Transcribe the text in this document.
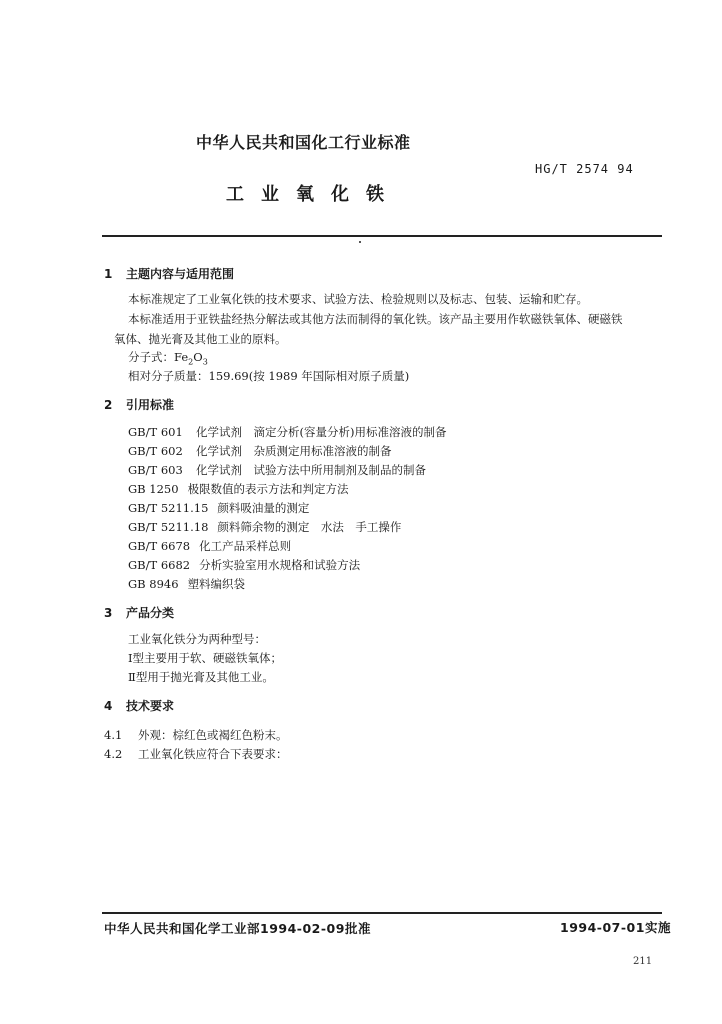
中华人民共和国化工行业标准
HG/T 2574 94
工业氧化铁
1 主题内容与适用范围
本标准规定了工业氧化铁的技术要求、试验方法、检验规则以及标志、包装、运输和贮存。
本标准适用于亚铁盐经热分解法或其他方法而制得的氧化铁。该产品主要用作软磁铁氧体、硬磁铁
氧体、抛光膏及其他工业的原料。
分子式：$Fe_2O_3$
相对分子质量：159.69(按 1989 年国际相对原子质量)
2 引用标准
GB/T 601 化学试剂　滴定分析(容量分析)用标准溶液的制备
GB/T 602 化学试剂　杂质测定用标准溶液的制备
GB/T 603 化学试剂　试验方法中所用制剂及制品的制备
GB 1250 极限数值的表示方法和判定方法
GB/T 5211.15 颜料吸油量的测定
GB/T 5211.18 颜料筛余物的测定　水法　手工操作
GB/T 6678 化工产品采样总则
GB/T 6682 分析实验室用水规格和试验方法
GB 8946 塑料编织袋
3 产品分类
工业氧化铁分为两种型号：
Ⅰ型主要用于软、硬磁铁氧体；
Ⅱ型用于抛光膏及其他工业。
4 技术要求
4.1 外观：棕红色或褐红色粉末。
4.2 工业氧化铁应符合下表要求：
中华人民共和国化学工业部1994-02-09批准	1994-07-01实施
211
